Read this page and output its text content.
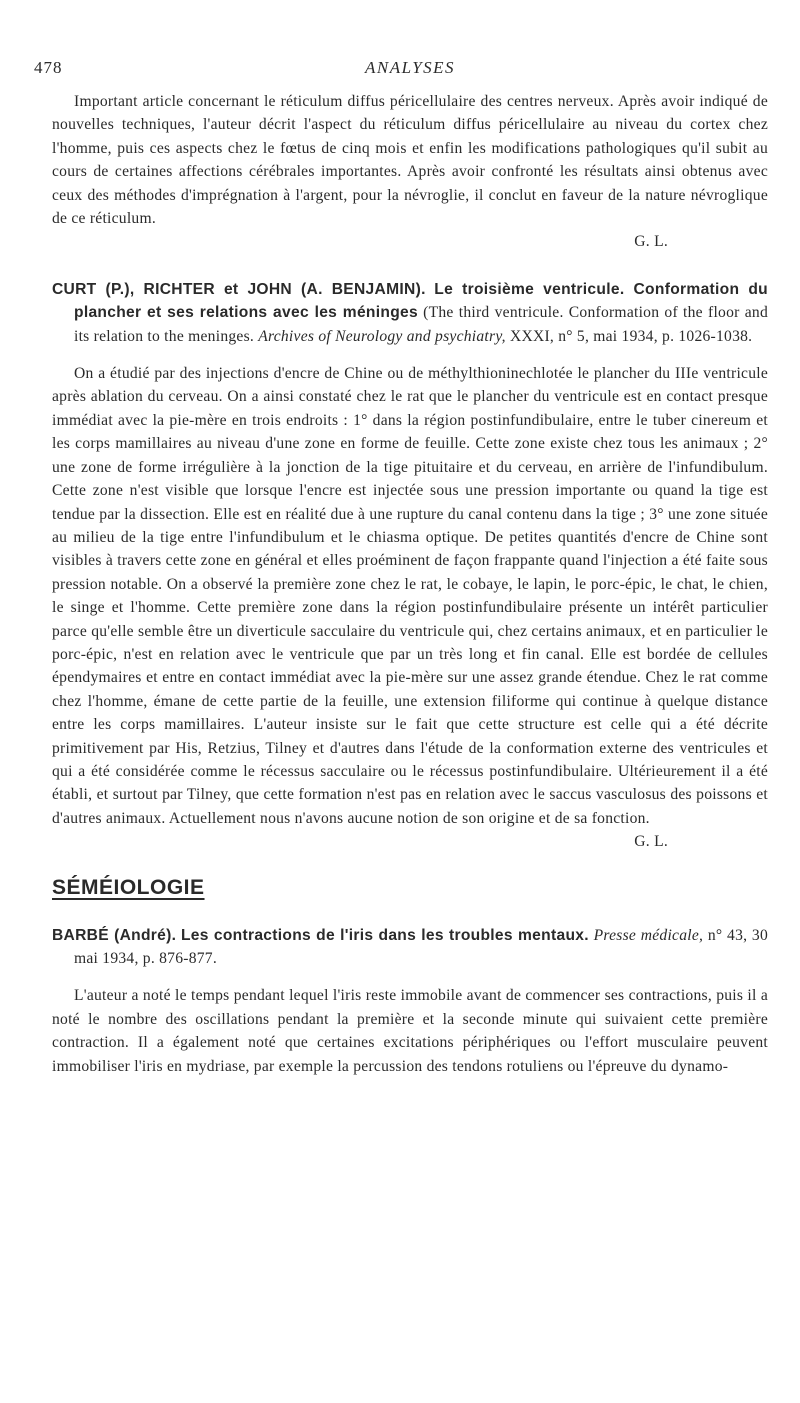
478	ANALYSES

Important article concernant le réticulum diffus péricellulaire des centres nerveux. Après avoir indiqué de nouvelles techniques, l'auteur décrit l'aspect du réticulum diffus péricellulaire au niveau du cortex chez l'homme, puis ces aspects chez le fœtus de cinq mois et enfin les modifications pathologiques qu'il subit au cours de certaines affections cérébrales importantes. Après avoir confronté les résultats ainsi obtenus avec ceux des méthodes d'imprégnation à l'argent, pour la névroglie, il conclut en faveur de la nature névroglique de ce réticulum.
G. L.

CURT (P.), RICHTER et JOHN (A. BENJAMIN). Le troisième ventricule. Conformation du plancher et ses relations avec les méninges (The third ventricule. Conformation of the floor and its relation to the meninges. Archives of Neurology and psychiatry, XXXI, n° 5, mai 1934, p. 1026-1038.

On a étudié par des injections d'encre de Chine ou de méthylthioninechlotée le plancher du IIIe ventricule après ablation du cerveau. On a ainsi constaté chez le rat que le plancher du ventricule est en contact presque immédiat avec la pie-mère en trois endroits : 1° dans la région postinfundibulaire, entre le tuber cinereum et les corps mamillaires au niveau d'une zone en forme de feuille. Cette zone existe chez tous les animaux ; 2° une zone de forme irrégulière à la jonction de la tige pituitaire et du cerveau, en arrière de l'infundibulum. Cette zone n'est visible que lorsque l'encre est injectée sous une pression importante ou quand la tige est tendue par la dissection. Elle est en réalité due à une rupture du canal contenu dans la tige ; 3° une zone située au milieu de la tige entre l'infundibulum et le chiasma optique. De petites quantités d'encre de Chine sont visibles à travers cette zone en général et elles proéminent de façon frappante quand l'injection a été faite sous pression notable. On a observé la première zone chez le rat, le cobaye, le lapin, le porc-épic, le chat, le chien, le singe et l'homme. Cette première zone dans la région postinfundibulaire présente un intérêt particulier parce qu'elle semble être un diverticule sacculaire du ventricule qui, chez certains animaux, et en particulier le porc-épic, n'est en relation avec le ventricule que par un très long et fin canal. Elle est bordée de cellules épendymaires et entre en contact immédiat avec la pie-mère sur une assez grande étendue. Chez le rat comme chez l'homme, émane de cette partie de la feuille, une extension filiforme qui continue à quelque distance entre les corps mamillaires. L'auteur insiste sur le fait que cette structure est celle qui a été décrite primitivement par His, Retzius, Tilney et d'autres dans l'étude de la conformation externe des ventricules et qui a été considérée comme le récessus sacculaire ou le récessus postinfundibulaire. Ultérieurement il a été établi, et surtout par Tilney, que cette formation n'est pas en relation avec le saccus vasculosus des poissons et d'autres animaux. Actuellement nous n'avons aucune notion de son origine et de sa fonction.
G. L.

SÉMÉIOLOGIE

BARBÉ (André). Les contractions de l'iris dans les troubles mentaux. Presse médicale, n° 43, 30 mai 1934, p. 876-877.

L'auteur a noté le temps pendant lequel l'iris reste immobile avant de commencer ses contractions, puis il a noté le nombre des oscillations pendant la première et la seconde minute qui suivaient cette première contraction. Il a également noté que certaines excitations périphériques ou l'effort musculaire peuvent immobiliser l'iris en mydriase, par exemple la percussion des tendons rotuliens ou l'épreuve du dynamo-
